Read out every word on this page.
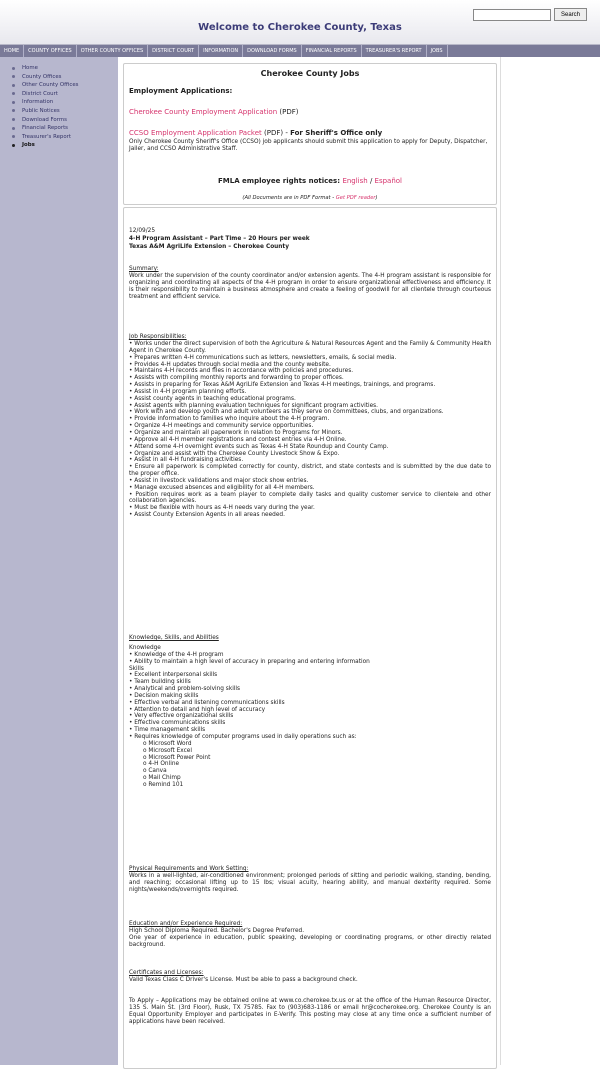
Welcome to Cherokee County, Texas
Search
HOME	COUNTY OFFICES	OTHER COUNTY OFFICES	DISTRICT COURT	INFORMATION	DOWNLOAD FORMS	FINANCIAL REPORTS	TREASURER'S REPORT	JOBS
Home
County Offices
Other County Offices
District Court
Information
Public Notices
Download Forms
Financial Reports
Treasurer's Report
Jobs
Cherokee County Jobs
Employment Applications:
Cherokee County Employment Application (PDF)
CCSO Employment Application Packet (PDF) - For Sheriff's Office only
Only Cherokee County Sheriff's Office (CCSO) job applicants should submit this application to apply for Deputy, Dispatcher, Jailer, and CCSO Administrative Staff.
FMLA employee rights notices: English / Español
(All Documents are in PDF Format - Get PDF reader)
12/09/25
4-H Program Assistant – Part Time – 20 Hours per week
Texas A&M AgriLife Extension – Cherokee County
Summary:
Work under the supervision of the county coordinator and/or extension agents. The 4-H program assistant is responsible for organizing and coordinating all aspects of the 4-H program in order to ensure organizational effectiveness and efficiency. It is their responsibility to maintain a business atmosphere and create a feeling of goodwill for all clientele through courteous treatment and efficient service.
Job Responsibilities:

• Works under the direct supervision of both the Agriculture & Natural Resources Agent and the Family & Community Health Agent in Cherokee County.

• Prepares written 4-H communications such as letters, newsletters, emails, & social media.

• Provides 4-H updates through social media and the county website.

• Maintains 4-H records and files in accordance with policies and procedures.

• Assists with compiling monthly reports and forwarding to proper offices.

• Assists in preparing for Texas A&M AgriLife Extension and Texas 4-H meetings, trainings, and programs.

• Assist in 4-H program planning efforts.

• Assist county agents in teaching educational programs.

• Assist agents with planning evaluation techniques for significant program activities.

• Work with and develop youth and adult volunteers as they serve on committees, clubs, and organizations.

• Provide information to families who inquire about the 4-H program.

• Organize 4-H meetings and community service opportunities.

• Organize and maintain all paperwork in relation to Programs for Minors.

• Approve all 4-H member registrations and contest entries via 4-H Online.

• Attend some 4-H overnight events such as Texas 4-H State Roundup and County Camp.

• Organize and assist with the Cherokee County Livestock Show & Expo.

• Assist in all 4-H fundraising activities.

• Ensure all paperwork is completed correctly for county, district, and state contests and is submitted by the due date to the proper office.

• Assist in livestock validations and major stock show entries.

• Manage excused absences and eligibility for all 4-H members.

• Position requires work as a team player to complete daily tasks and quality customer service to clientele and other collaboration agencies.

• Must be flexible with hours as 4-H needs vary during the year.

• Assist County Extension Agents in all areas needed.

Knowledge, Skills, and Abilities

Knowledge

• Knowledge of the 4-H program

• Ability to maintain a high level of accuracy in preparing and entering information

Skills

• Excellent interpersonal skills

• Team building skills

• Analytical and problem-solving skills

• Decision making skills

• Effective verbal and listening communications skills

• Attention to detail and high level of accuracy

• Very effective organizational skills

• Effective communications skills

• Time management skills

• Requires knowledge of computer programs used in daily operations such as:

o Microsoft Word

o Microsoft Excel

o Microsoft Power Point

o 4-H Online

o Canva

o Mail Chimp

o Remind 101

Physical Requirements and Work Setting:
Works in a well-lighted, air-conditioned environment; prolonged periods of sitting and periodic walking, standing, bending, and reaching; occasional lifting up to 15 lbs; visual acuity, hearing ability, and manual dexterity required. Some nights/weekends/overnights required.
Education and/or Experience Required:

High School Diploma Required. Bachelor's Degree Preferred.

One year of experience in education, public speaking, developing or coordinating programs, or other directly related background.

Certificates and Licenses:
Valid Texas Class C Driver's License. Must be able to pass a background check.
To Apply – Applications may be obtained online at www.co.cherokee.tx.us or at the office of the Human Resource Director, 135 S. Main St. (3rd Floor), Rusk, TX 75785. Fax to (903)683-1186 or email hr@cocherokee.org. Cherokee County is an Equal Opportunity Employer and participates in E-Verify. This posting may close at any time once a sufficient number of applications have been received.
